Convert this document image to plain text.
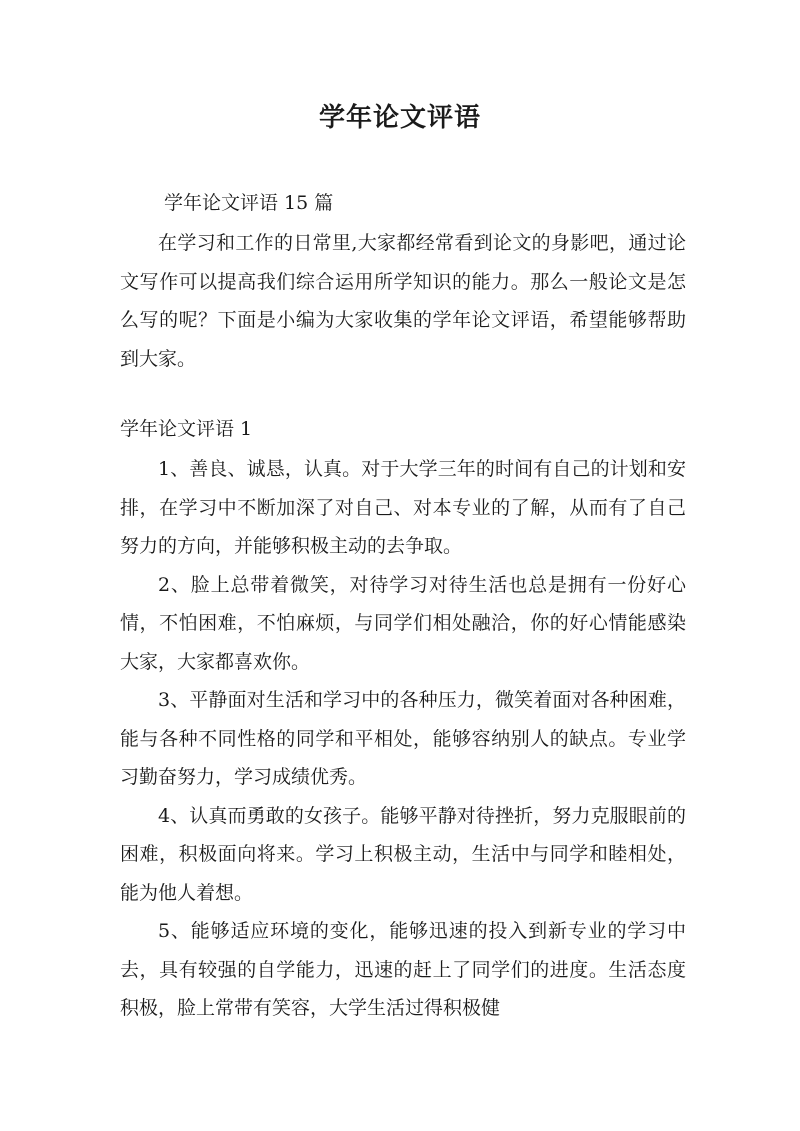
学年论文评语
学年论文评语 15 篇

在学习和工作的日常里,大家都经常看到论文的身影吧，通过论文写作可以提高我们综合运用所学知识的能力。那么一般论文是怎么写的呢？下面是小编为大家收集的学年论文评语，希望能够帮助到大家。

学年论文评语 1

1、善良、诚恳，认真。对于大学三年的时间有自己的计划和安排，在学习中不断加深了对自己、对本专业的了解，从而有了自己努力的方向，并能够积极主动的去争取。

2、脸上总带着微笑，对待学习对待生活也总是拥有一份好心情，不怕困难，不怕麻烦，与同学们相处融洽，你的好心情能感染大家，大家都喜欢你。

3、平静面对生活和学习中的各种压力，微笑着面对各种困难，能与各种不同性格的同学和平相处，能够容纳别人的缺点。专业学习勤奋努力，学习成绩优秀。

4、认真而勇敢的女孩子。能够平静对待挫折，努力克服眼前的困难，积极面向将来。学习上积极主动，生活中与同学和睦相处，能为他人着想。

5、能够适应环境的变化，能够迅速的投入到新专业的学习中去，具有较强的自学能力，迅速的赶上了同学们的进度。生活态度积极，脸上常带有笑容，大学生活过得积极健
